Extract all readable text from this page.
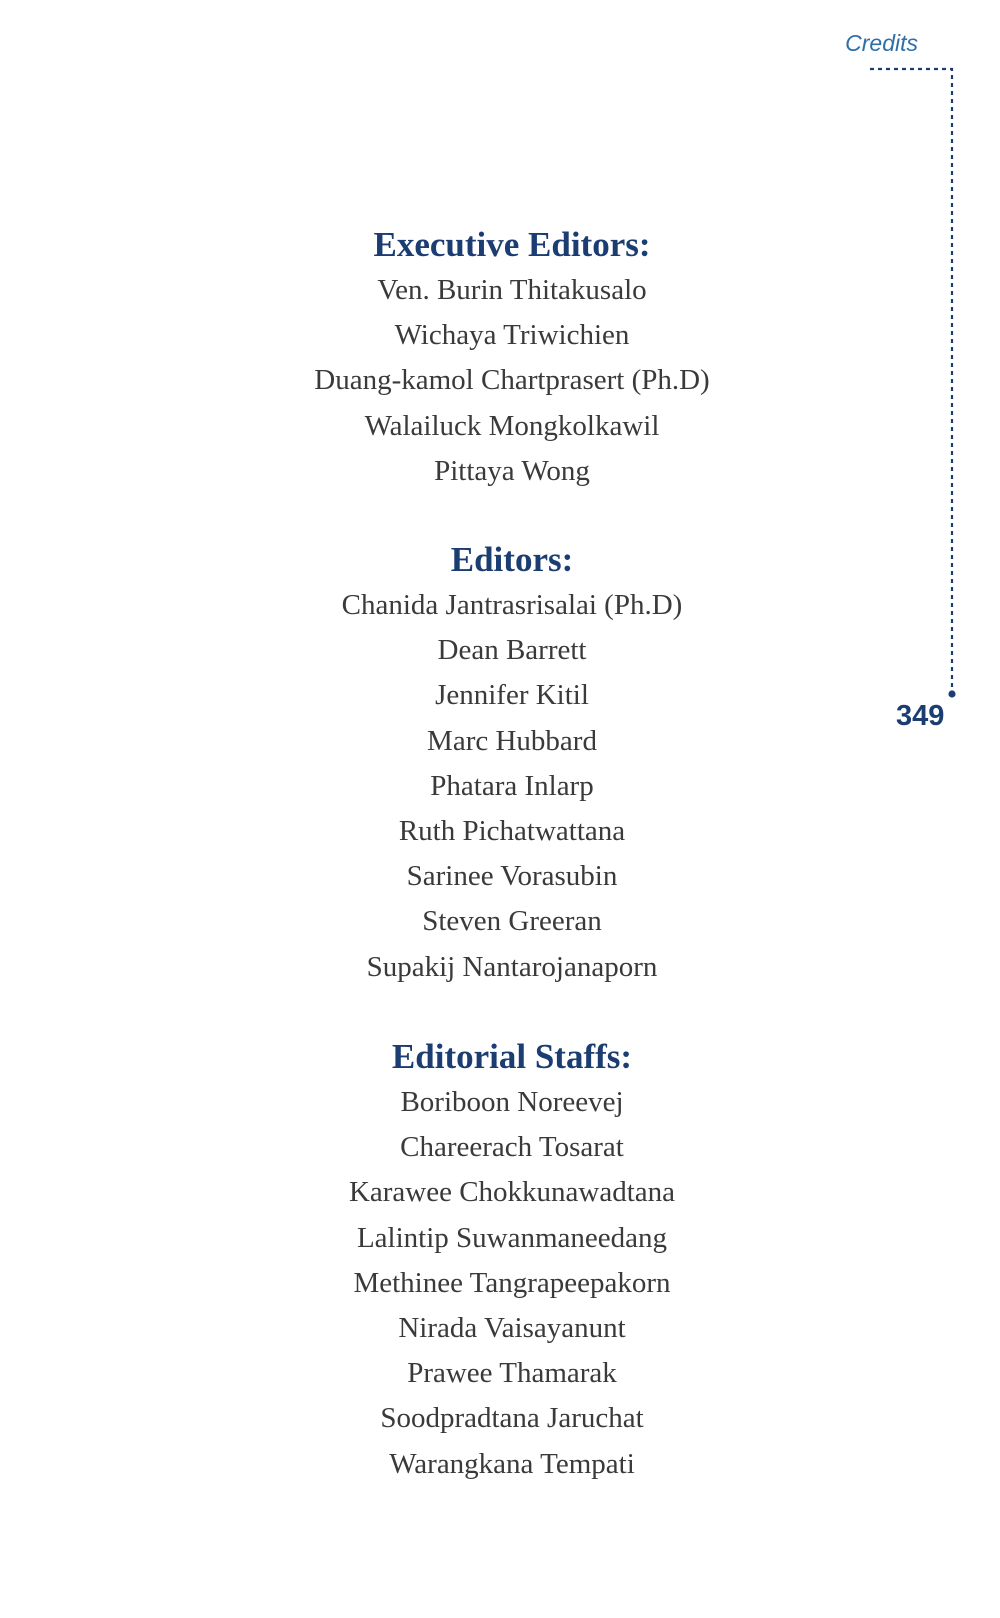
Credits

349

Executive Editors:
Ven. Burin Thitakusalo
Wichaya Triwichien
Duang-kamol Chartprasert (Ph.D)
Walailuck Mongkolkawil
Pittaya Wong
Editors:
Chanida Jantrasrisalai (Ph.D)
Dean Barrett
Jennifer Kitil
Marc Hubbard
Phatara Inlarp
Ruth Pichatwattana
Sarinee Vorasubin
Steven Greeran
Supakij Nantarojanaporn
Editorial Staffs:
Boriboon Noreevej
Chareerach Tosarat
Karawee Chokkunawadtana
Lalintip Suwanmaneedang
Methinee Tangrapeepakorn
Nirada Vaisayanunt
Prawee Thamarak
Soodpradtana Jaruchat
Warangkana Tempati
